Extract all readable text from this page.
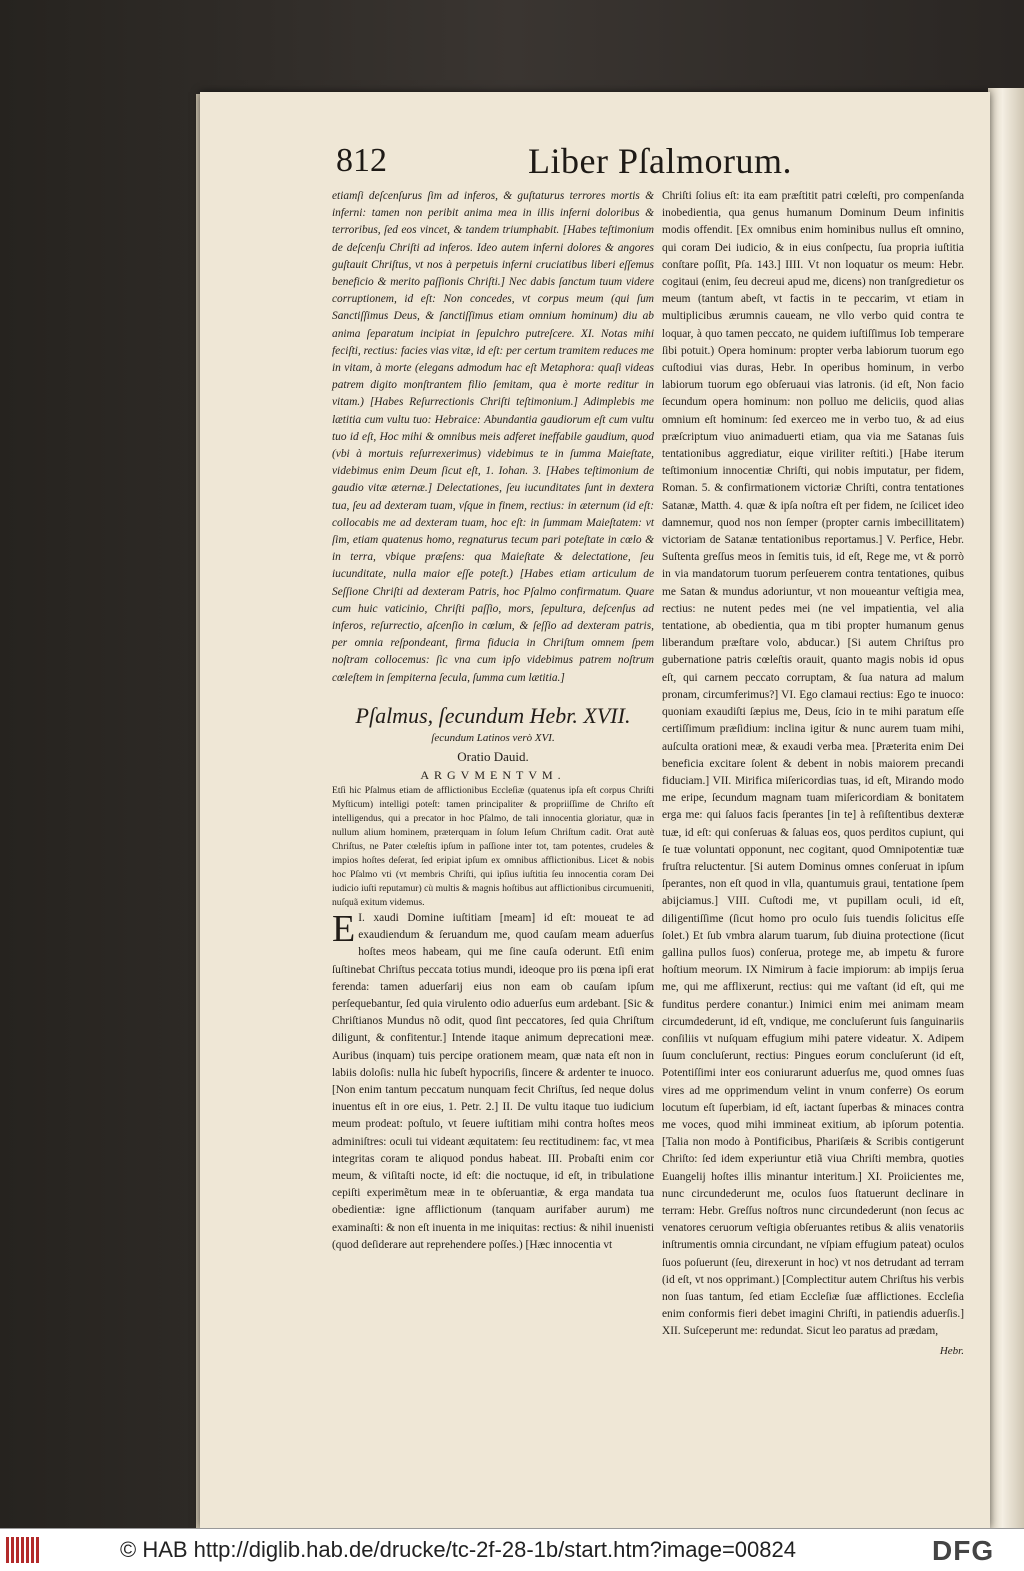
812	Liber Pſalmorum.

etiamſi deſcenſurus ſim ad inferos, & guſtaturus terrores mortis & inferni: tamen non peribit anima mea in illis inferni doloribus & terroribus, ſed eos vincet, & tandem triumphabit. [Habes teſtimonium de deſcenſu Chriſti ad inferos. Ideo autem inferni dolores & angores guſtauit Chriſtus, vt nos à perpetuis inferni cruciatibus liberi eſſemus beneficio & merito paſſionis Chriſti.] Nec dabis ſanctum tuum videre corruptionem, id eſt: Non concedes, vt corpus meum (qui ſum Sanctiſſimus Deus, & ſanctiſſimus etiam omnium hominum) diu ab anima ſeparatum incipiat in ſepulchro putreſcere. XI. Notas mihi feciſti, rectius: facies vias vitæ, id eſt: per certum tramitem reduces me in vitam, à morte (elegans admodum hac eſt Metaphora: quaſi videas patrem digito monſtrantem filio ſemitam, qua è morte reditur in vitam.) [Habes Reſurrectionis Chriſti teſtimonium.] Adimplebis me lætitia cum vultu tuo: Hebraice: Abundantia gaudiorum eſt cum vultu tuo id eſt, Hoc mihi & omnibus meis adferet ineffabile gaudium, quod (vbi à mortuis reſurrexerimus) videbimus te in ſumma Maieſtate, videbimus enim Deum ſicut eſt, 1. Iohan. 3. [Habes teſtimonium de gaudio vitæ æternæ.] Delectationes, ſeu iucunditates ſunt in dextera tua, ſeu ad dexteram tuam, vſque in finem, rectius: in æternum (id eſt: collocabis me ad dexteram tuam, hoc eſt: in ſummam Maieſtatem: vt ſim, etiam quatenus homo, regnaturus tecum pari poteſtate in cœlo & in terra, vbique præſens: qua Maieſtate & delectatione, ſeu iucunditate, nulla maior eſſe poteſt.) [Habes etiam articulum de Seſſione Chriſti ad dexteram Patris, hoc Pſalmo confirmatum. Quare cum huic vaticinio, Chriſti paſſio, mors, ſepultura, deſcenſus ad inferos, reſurrectio, aſcenſio in cœlum, & ſeſſio ad dexteram patris, per omnia reſpondeant, firma fiducia in Chriſtum omnem ſpem noſtram collocemus: ſic vna cum ipſo videbimus patrem noſtrum cœleſtem in ſempiterna ſecula, ſumma cum lætitia.]

Pſalmus, ſecundum Hebr. XVII.
ſecundum Latinos verò XVI.
Oratio Dauid.
ARGVMENTVM.

Etſi hic Pſalmus etiam de afflictionibus Eccleſiæ (quatenus ipſa eſt corpus Chriſti Myſticum) intelligi poteſt: tamen principaliter & propriiſſime de Chriſto eſt intelligendus, qui a precator in hoc Pſalmo, de tali innocentia gloriatur, quæ in nullum alium hominem, præterquam in ſolum Ieſum Chriſtum cadit. Orat autè Chriſtus, ne Pater cœleſtis ipſum in paſſione inter tot, tam potentes, crudeles & impios hoſtes deſerat, ſed eripiat ipſum ex omnibus afflictionibus. Licet & nobis hoc Pſalmo vti (vt membris Chriſti, qui ipſius iuſtitia ſeu innocentia coram Dei iudicio iuſti reputamur) cù multis & magnis hoſtibus aut afflictionibus circumueniti, nuſquã exitum videmus.

I.
E xaudi Domine iuſtitiam [meam] id eſt: moueat te ad exaudiendum & ſeruandum me, quod cauſam meam aduerſus hoſtes meos habeam, qui me ſine cauſa oderunt. Etſi enim ſuſtinebat Chriſtus peccata totius mundi, ideoque pro iis pœna ipſi erat ferenda: tamen aduerſarij eius non eam ob cauſam ipſum perſequebantur, ſed quia virulento odio aduerſus eum ardebant. [Sic & Chriſtianos Mundus nõ odit, quod ſint peccatores, ſed quia Chriſtum diligunt, & confitentur.] Intende itaque animum deprecationi meæ. Auribus (inquam) tuis percipe orationem meam, quæ nata eſt non in labiis doloſis: nulla hic ſubeſt hypocriſis, ſincere & ardenter te inuoco. [Non enim tantum peccatum nunquam fecit Chriſtus, ſed neque dolus inuentus eſt in ore eius, 1. Petr. 2.] II. De vultu itaque tuo iudicium meum prodeat: poſtulo, vt ſeuere iuſtitiam mihi contra hoſtes meos adminiſtres: oculi tui videant æquitatem: ſeu rectitudinem: fac, vt mea integritas coram te aliquod pondus habeat. III. Probaſti enim cor meum, & viſitaſti nocte, id eſt: die noctuque, id eſt, in tribulatione cepiſti experimẽtum meæ in te obſeruantiæ, & erga mandata tua obedientiæ: igne afflictionum (tanquam aurifaber aurum) me examinaſti: & non eſt inuenta in me iniquitas: rectius: & nihil inuenisti (quod deſiderare aut reprehendere poſſes.) [Hæc innocentia vt

Chriſti ſolius eſt: ita eam præſtitit patri cœleſti, pro compenſanda inobedientia, qua genus humanum Dominum Deum infinitis modis offendit. [Ex omnibus enim hominibus nullus eſt omnino, qui coram Dei iudicio, & in eius conſpectu, ſua propria iuſtitia conſtare poſſit, Pſa. 143.] IIII. Vt non loquatur os meum: Hebr. cogitaui (enim, ſeu decreui apud me, dicens) non tranſgredietur os meum (tantum abeſt, vt factis in te peccarim, vt etiam in multiplicibus ærumnis caueam, ne vllo verbo quid contra te loquar, à quo tamen peccato, ne quidem iuſtiſſimus Iob temperare ſibi potuit.) Opera hominum: propter verba labiorum tuorum ego cuſtodiui vias duras, Hebr. In operibus hominum, in verbo labiorum tuorum ego obſeruaui vias latronis. (id eſt, Non facio ſecundum opera hominum: non polluo me deliciis, quod alias omnium eſt hominum: ſed exerceo me in verbo tuo, & ad eius præſcriptum viuo animaduerti etiam, qua via me Satanas ſuis tentationibus aggrediatur, eique viriliter reſtiti.) [Habe iterum teſtimonium innocentiæ Chriſti, qui nobis imputatur, per fidem, Roman. 5. & confirmationem victoriæ Chriſti, contra tentationes Satanæ, Matth. 4. quæ & ipſa noſtra eſt per fidem, ne ſcilicet ideo damnemur, quod nos non ſemper (propter carnis imbecillitatem) victoriam de Satanæ tentationibus reportamus.] V. Perfice, Hebr. Suſtenta greſſus meos in ſemitis tuis, id eſt, Rege me, vt & porrò in via mandatorum tuorum perſeuerem contra tentationes, quibus me Satan & mundus adoriuntur, vt non moueantur veſtigia mea, rectius: ne nutent pedes mei (ne vel impatientia, vel alia tentatione, ab obedientia, qua m tibi propter humanum genus liberandum præſtare volo, abducar.) [Si autem Chriſtus pro gubernatione patris cœleſtis orauit, quanto magis nobis id opus eſt, qui carnem peccato corruptam, & ſua natura ad malum pronam, circumferimus?] VI. Ego clamaui rectius: Ego te inuoco: quoniam exaudiſti ſæpius me, Deus, ſcio in te mihi paratum eſſe certiſſimum præſidium: inclina igitur & nunc aurem tuam mihi, auſculta orationi meæ, & exaudi verba mea. [Præterita enim Dei beneficia excitare ſolent & debent in nobis maiorem precandi fiduciam.] VII. Mirifica miſericordias tuas, id eſt, Mirando modo me eripe, ſecundum magnam tuam miſericordiam & bonitatem erga me: qui ſaluos facis ſperantes [in te] à reſiſtentibus dexteræ tuæ, id eſt: qui conſeruas & ſaluas eos, quos perditos cupiunt, qui ſe tuæ voluntati opponunt, nec cogitant, quod Omnipotentiæ tuæ fruſtra reluctentur. [Si autem Dominus omnes conſeruat in ipſum ſperantes, non eſt quod in vlla, quantumuis graui, tentatione ſpem abijciamus.] VIII. Cuſtodi me, vt pupillam oculi, id eſt, diligentiſſime (ſicut homo pro oculo ſuis tuendis ſolicitus eſſe ſolet.) Et ſub vmbra alarum tuarum, ſub diuina protectione (ſicut gallina pullos ſuos) conſerua, protege me, ab impetu & furore hoſtium meorum. IX Nimirum à facie impiorum: ab impijs ſerua me, qui me afflixerunt, rectius: qui me vaſtant (id eſt, qui me funditus perdere conantur.) Inimici enim mei animam meam circumdederunt, id eſt, vndique, me concluſerunt ſuis ſanguinariis conſiliis vt nuſquam effugium mihi patere videatur. X. Adipem ſuum concluſerunt, rectius: Pingues eorum concluſerunt (id eſt, Potentiſſimi inter eos coniurarunt aduerſus me, quod omnes ſuas vires ad me opprimendum velint in vnum conferre) Os eorum locutum eſt ſuperbiam, id eſt, iactant ſuperbas & minaces contra me voces, quod mihi immineat exitium, ab ipſorum potentia. [Talia non modo à Pontificibus, Phariſæis & Scribis contigerunt Chriſto: ſed idem experiuntur etiã viua Chriſti membra, quoties Euangelij hoſtes illis minantur interitum.] XI. Proiicientes me, nunc circundederunt me, oculos ſuos ſtatuerunt declinare in terram: Hebr. Greſſus noſtros nunc circundederunt (non ſecus ac venatores ceruorum veſtigia obſeruantes retibus & aliis venatoriis inſtrumentis omnia circundant, ne vſpiam effugium pateat) oculos ſuos poſuerunt (ſeu, direxerunt in hoc) vt nos detrudant ad terram (id eſt, vt nos opprimant.) [Complectitur autem Chriſtus his verbis non ſuas tantum, ſed etiam Eccleſiæ ſuæ afflictiones. Eccleſia enim conformis fieri debet imagini Chriſti, in patiendis aduerſis.] XII. Suſceperunt me: redundat. Sicut leo paratus ad prædam,

Hebr.
© HAB http://diglib.hab.de/drucke/tc-2f-28-1b/start.htm?image=00824	DFG
